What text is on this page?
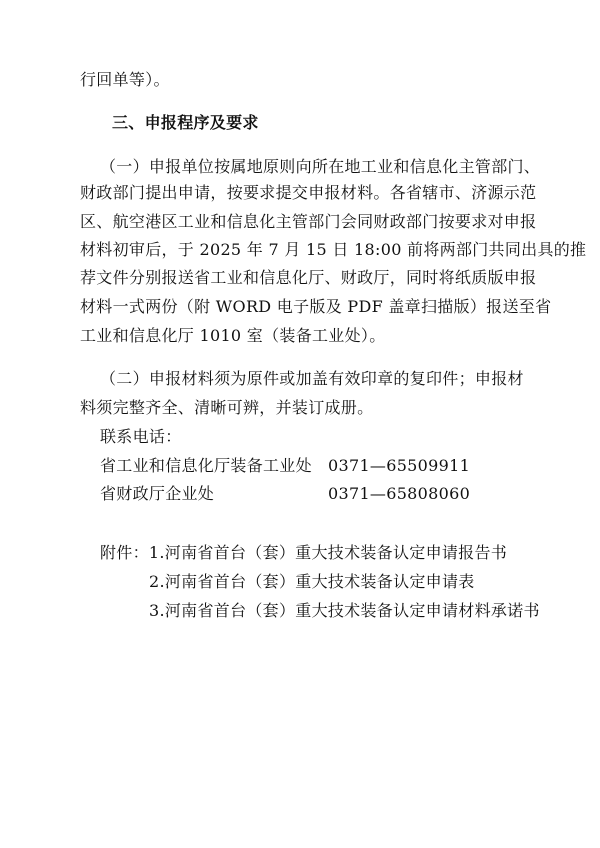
行回单等）。
三、申报程序及要求
（一）申报单位按属地原则向所在地工业和信息化主管部门、
财政部门提出申请，按要求提交申报材料。各省辖市、济源示范
区、航空港区工业和信息化主管部门会同财政部门按要求对申报
材料初审后，于 2025 年 7 月 15 日 18:00 前将两部门共同出具的推
荐文件分别报送省工业和信息化厅、财政厅，同时将纸质版申报
材料一式两份（附 WORD 电子版及 PDF 盖章扫描版）报送至省
工业和信息化厅 1010 室（装备工业处）。
（二）申报材料须为原件或加盖有效印章的复印件；申报材
料须完整齐全、清晰可辨，并装订成册。
联系电话：
省工业和信息化厅装备工业处 0371—65509911
省财政厅企业处	0371—65808060
附件：1.河南省首台（套）重大技术装备认定申请报告书
2.河南省首台（套）重大技术装备认定申请表
3.河南省首台（套）重大技术装备认定申请材料承诺书
